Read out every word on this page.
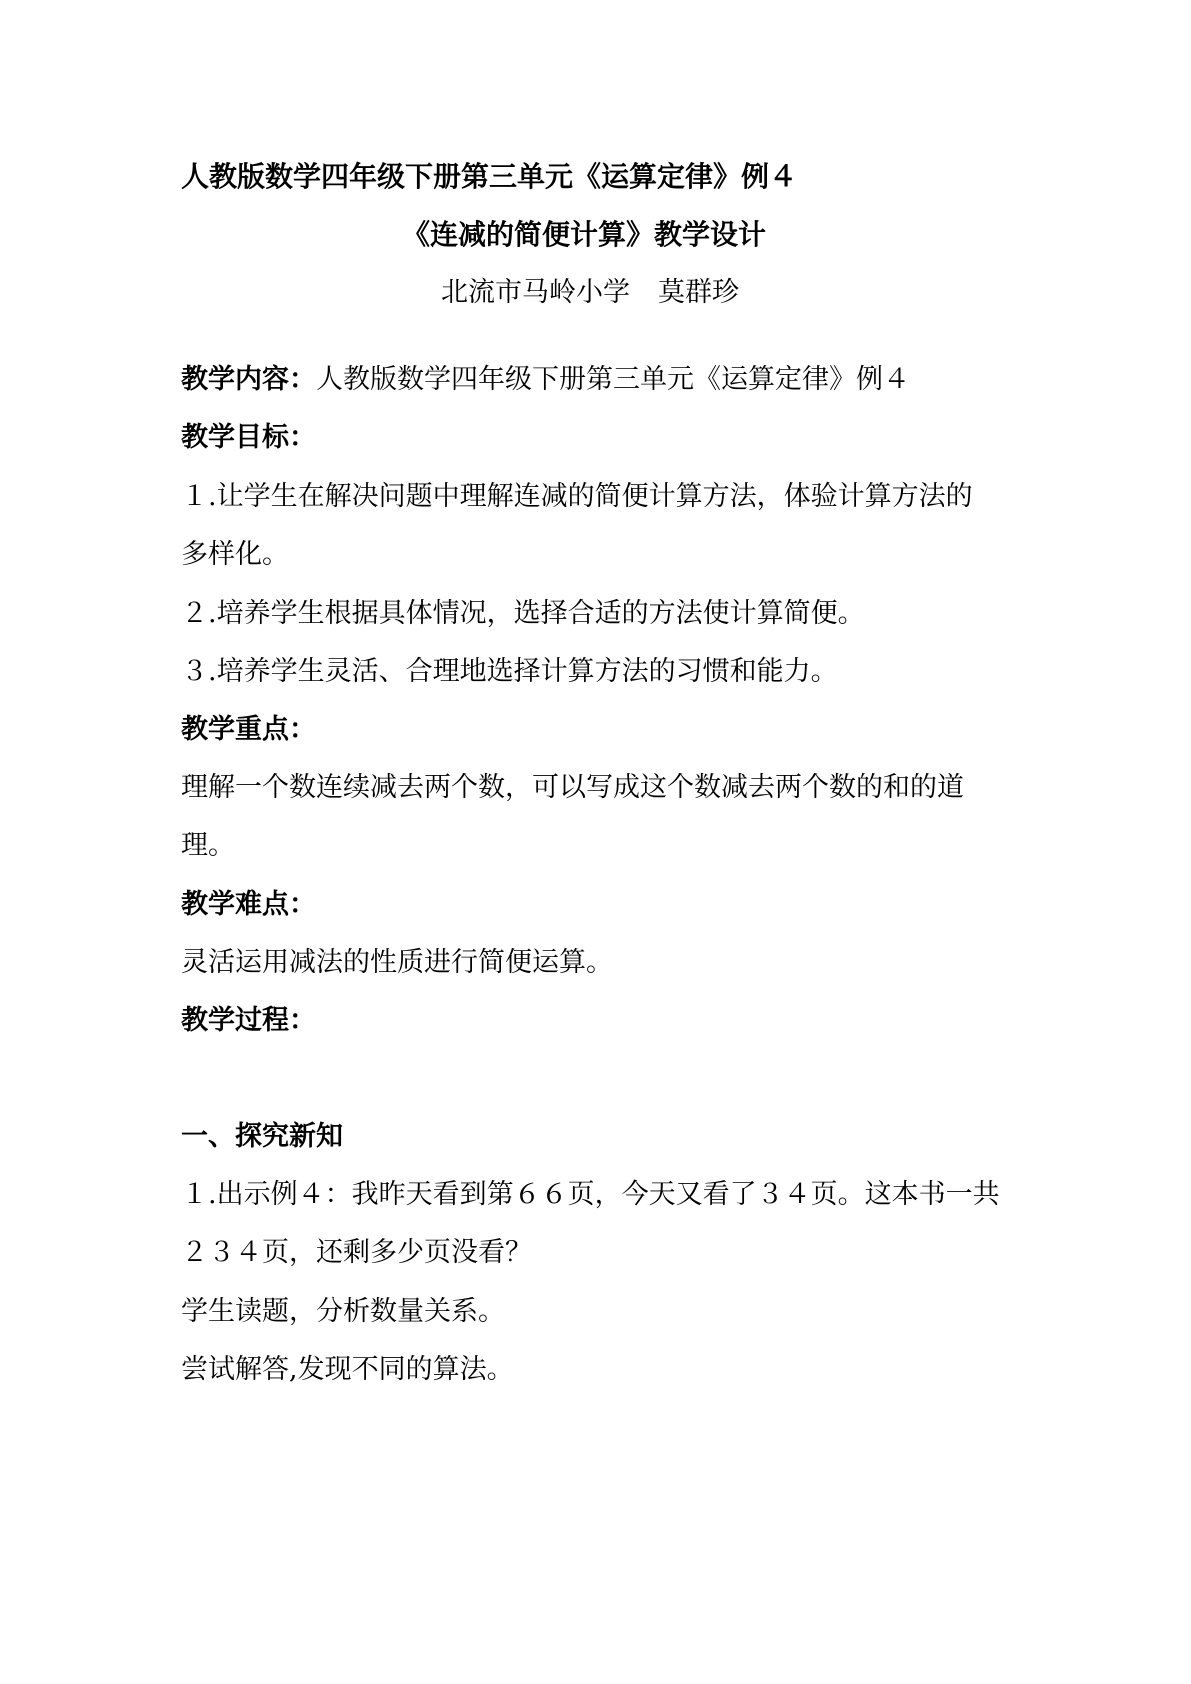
人教版数学四年级下册第三单元《运算定律》例４
《连减的简便计算》教学设计
北流市马岭小学 莫群珍
教学内容：人教版数学四年级下册第三单元《运算定律》例４
教学目标：
１.让学生在解决问题中理解连减的简便计算方法，体验计算方法的
多样化。
２.培养学生根据具体情况，选择合适的方法使计算简便。
３.培养学生灵活、合理地选择计算方法的习惯和能力。
教学重点：
理解一个数连续减去两个数，可以写成这个数减去两个数的和的道
理。
教学难点：
灵活运用减法的性质进行简便运算。
教学过程：
一、探究新知
１.出示例４：我昨天看到第６６页，今天又看了３４页。这本书一共
２３４页，还剩多少页没看？
学生读题，分析数量关系。
尝试解答,发现不同的算法。
